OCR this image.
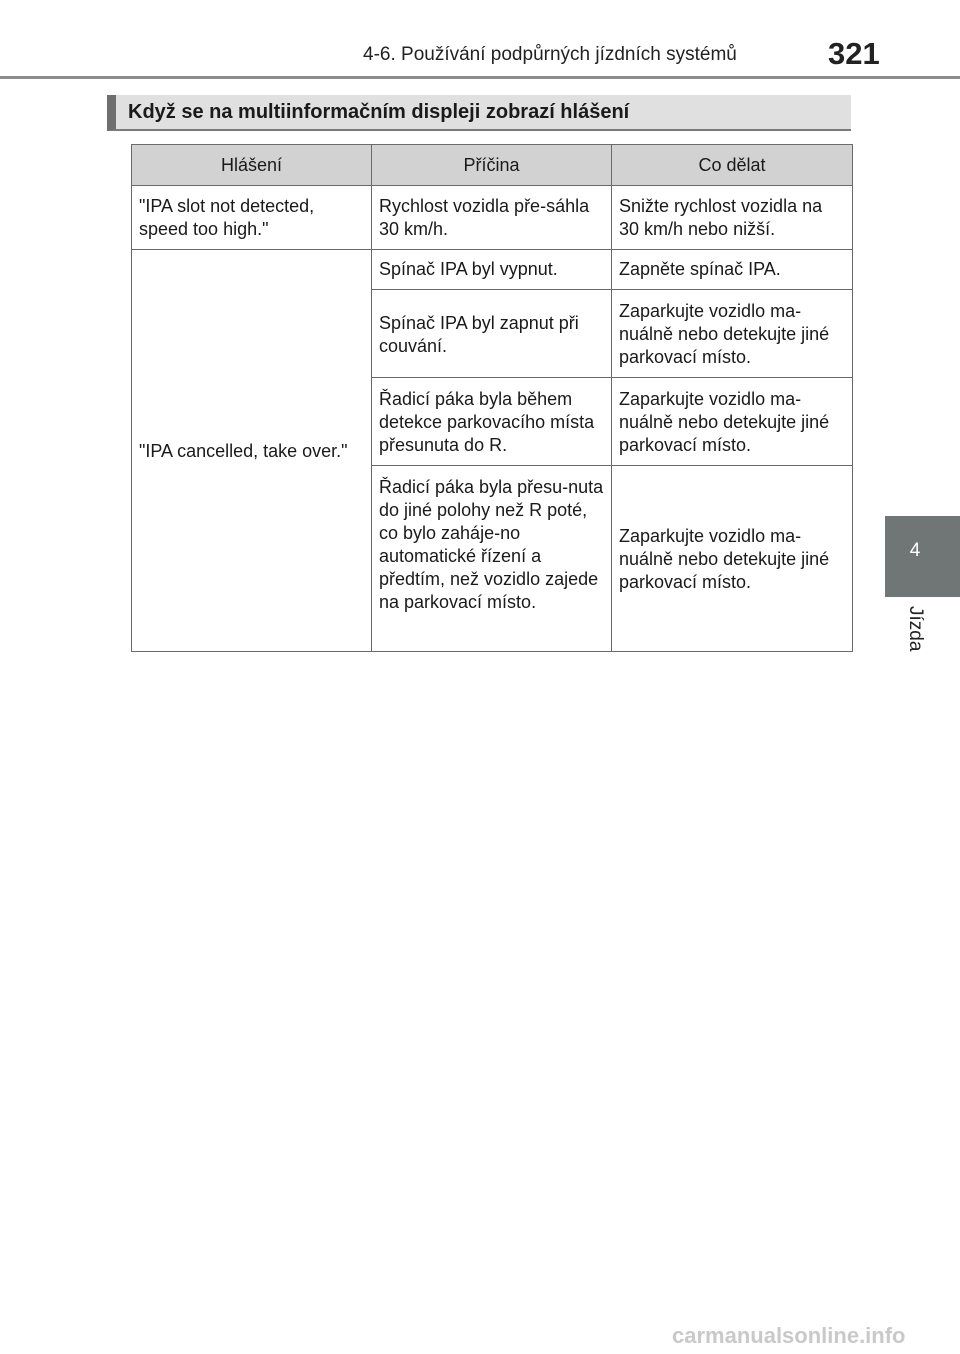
4-6. Používání podpůrných jízdních systémů	321
Když se na multiinformačním displeji zobrazí hlášení
Hlášení	Příčina	Co dělat
"IPA slot not detected, speed too high."	Rychlost vozidla pře-sáhla 30 km/h.	Snižte rychlost vozidla na 30 km/h nebo nižší.
"IPA cancelled, take over."	Spínač IPA byl vypnut.	Zapněte spínač IPA.
	Spínač IPA byl zapnut při couvání.	Zaparkujte vozidlo ma-nuálně nebo detekujte jiné parkovací místo.
	Řadicí páka byla během detekce parkovacího místa přesunuta do R.	Zaparkujte vozidlo ma-nuálně nebo detekujte jiné parkovací místo.
	Řadicí páka byla přesu-nuta do jiné polohy než R poté, co bylo zaháje-no automatické řízení a předtím, než vozidlo zajede na parkovací místo.	Zaparkujte vozidlo ma-nuálně nebo detekujte jiné parkovací místo.
4
Jízda
carmanualsonline.info
